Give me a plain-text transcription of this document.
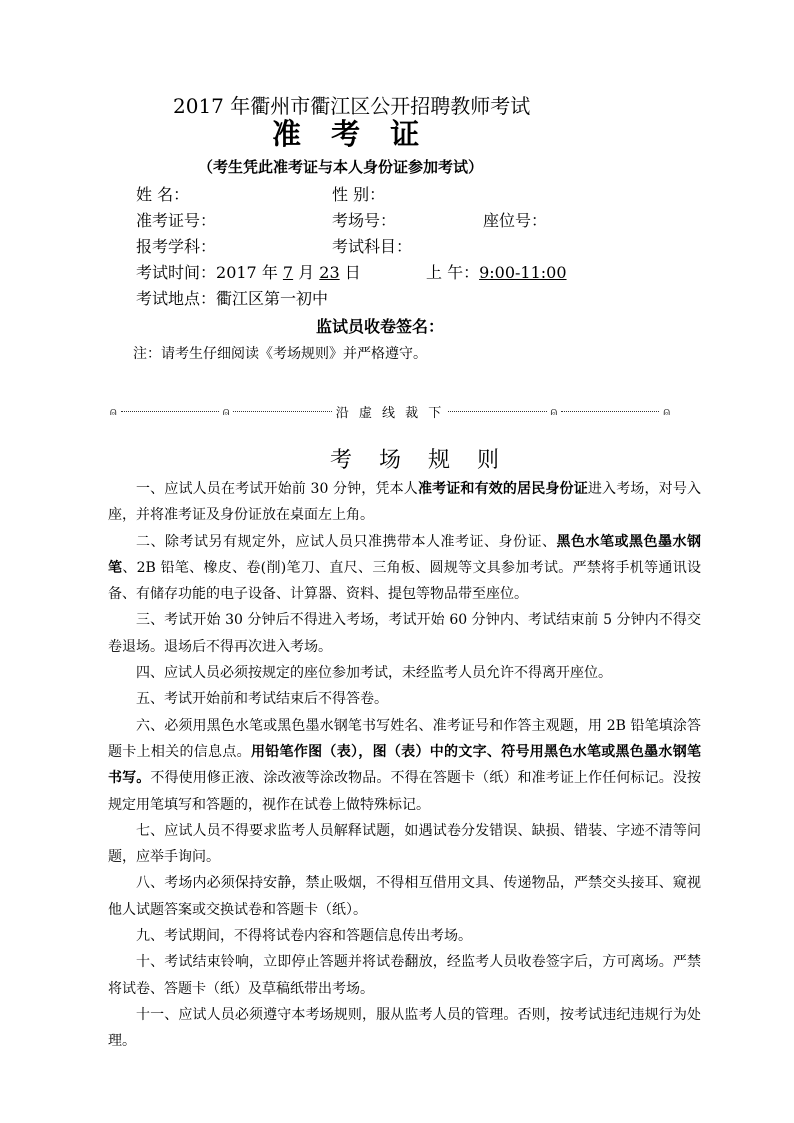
2017 年衢州市衢江区公开招聘教师考试
准 考 证
（考生凭此准考证与本人身份证参加考试）
姓 名：	性 别：
准考证号：	考场号：	座位号：
报考学科：	考试科目：
考试时间：2017 年 7 月 23 日	上 午：9:00-11:00
考试地点：衢江区第一初中
监试员收卷签名：
注：请考生仔细阅读《考场规则》并严格遵守。
⍝	⍝	沿 虚 线 裁 下	⍝	⍝
考 场 规 则

一、应试人员在考试开始前 30 分钟，凭本人准考证和有效的居民身份证进入考场，对号入座，并将准考证及身份证放在桌面左上角。

二、除考试另有规定外，应试人员只准携带本人准考证、身份证、黑色水笔或黑色墨水钢笔、2B 铅笔、橡皮、卷(削)笔刀、直尺、三角板、圆规等文具参加考试。严禁将手机等通讯设备、有储存功能的电子设备、计算器、资料、提包等物品带至座位。

三、考试开始 30 分钟后不得进入考场，考试开始 60 分钟内、考试结束前 5 分钟内不得交卷退场。退场后不得再次进入考场。

四、应试人员必须按规定的座位参加考试，未经监考人员允许不得离开座位。

五、考试开始前和考试结束后不得答卷。

六、必须用黑色水笔或黑色墨水钢笔书写姓名、准考证号和作答主观题，用 2B 铅笔填涂答题卡上相关的信息点。用铅笔作图（表），图（表）中的文字、符号用黑色水笔或黑色墨水钢笔书写。不得使用修正液、涂改液等涂改物品。不得在答题卡（纸）和准考证上作任何标记。没按规定用笔填写和答题的，视作在试卷上做特殊标记。

七、应试人员不得要求监考人员解释试题，如遇试卷分发错误、缺损、错装、字迹不清等问题，应举手询问。

八、考场内必须保持安静，禁止吸烟，不得相互借用文具、传递物品，严禁交头接耳、窥视他人试题答案或交换试卷和答题卡（纸）。

九、考试期间，不得将试卷内容和答题信息传出考场。

十、考试结束铃响，立即停止答题并将试卷翻放，经监考人员收卷签字后，方可离场。严禁将试卷、答题卡（纸）及草稿纸带出考场。

十一、应试人员必须遵守本考场规则，服从监考人员的管理。否则，按考试违纪违规行为处理。
